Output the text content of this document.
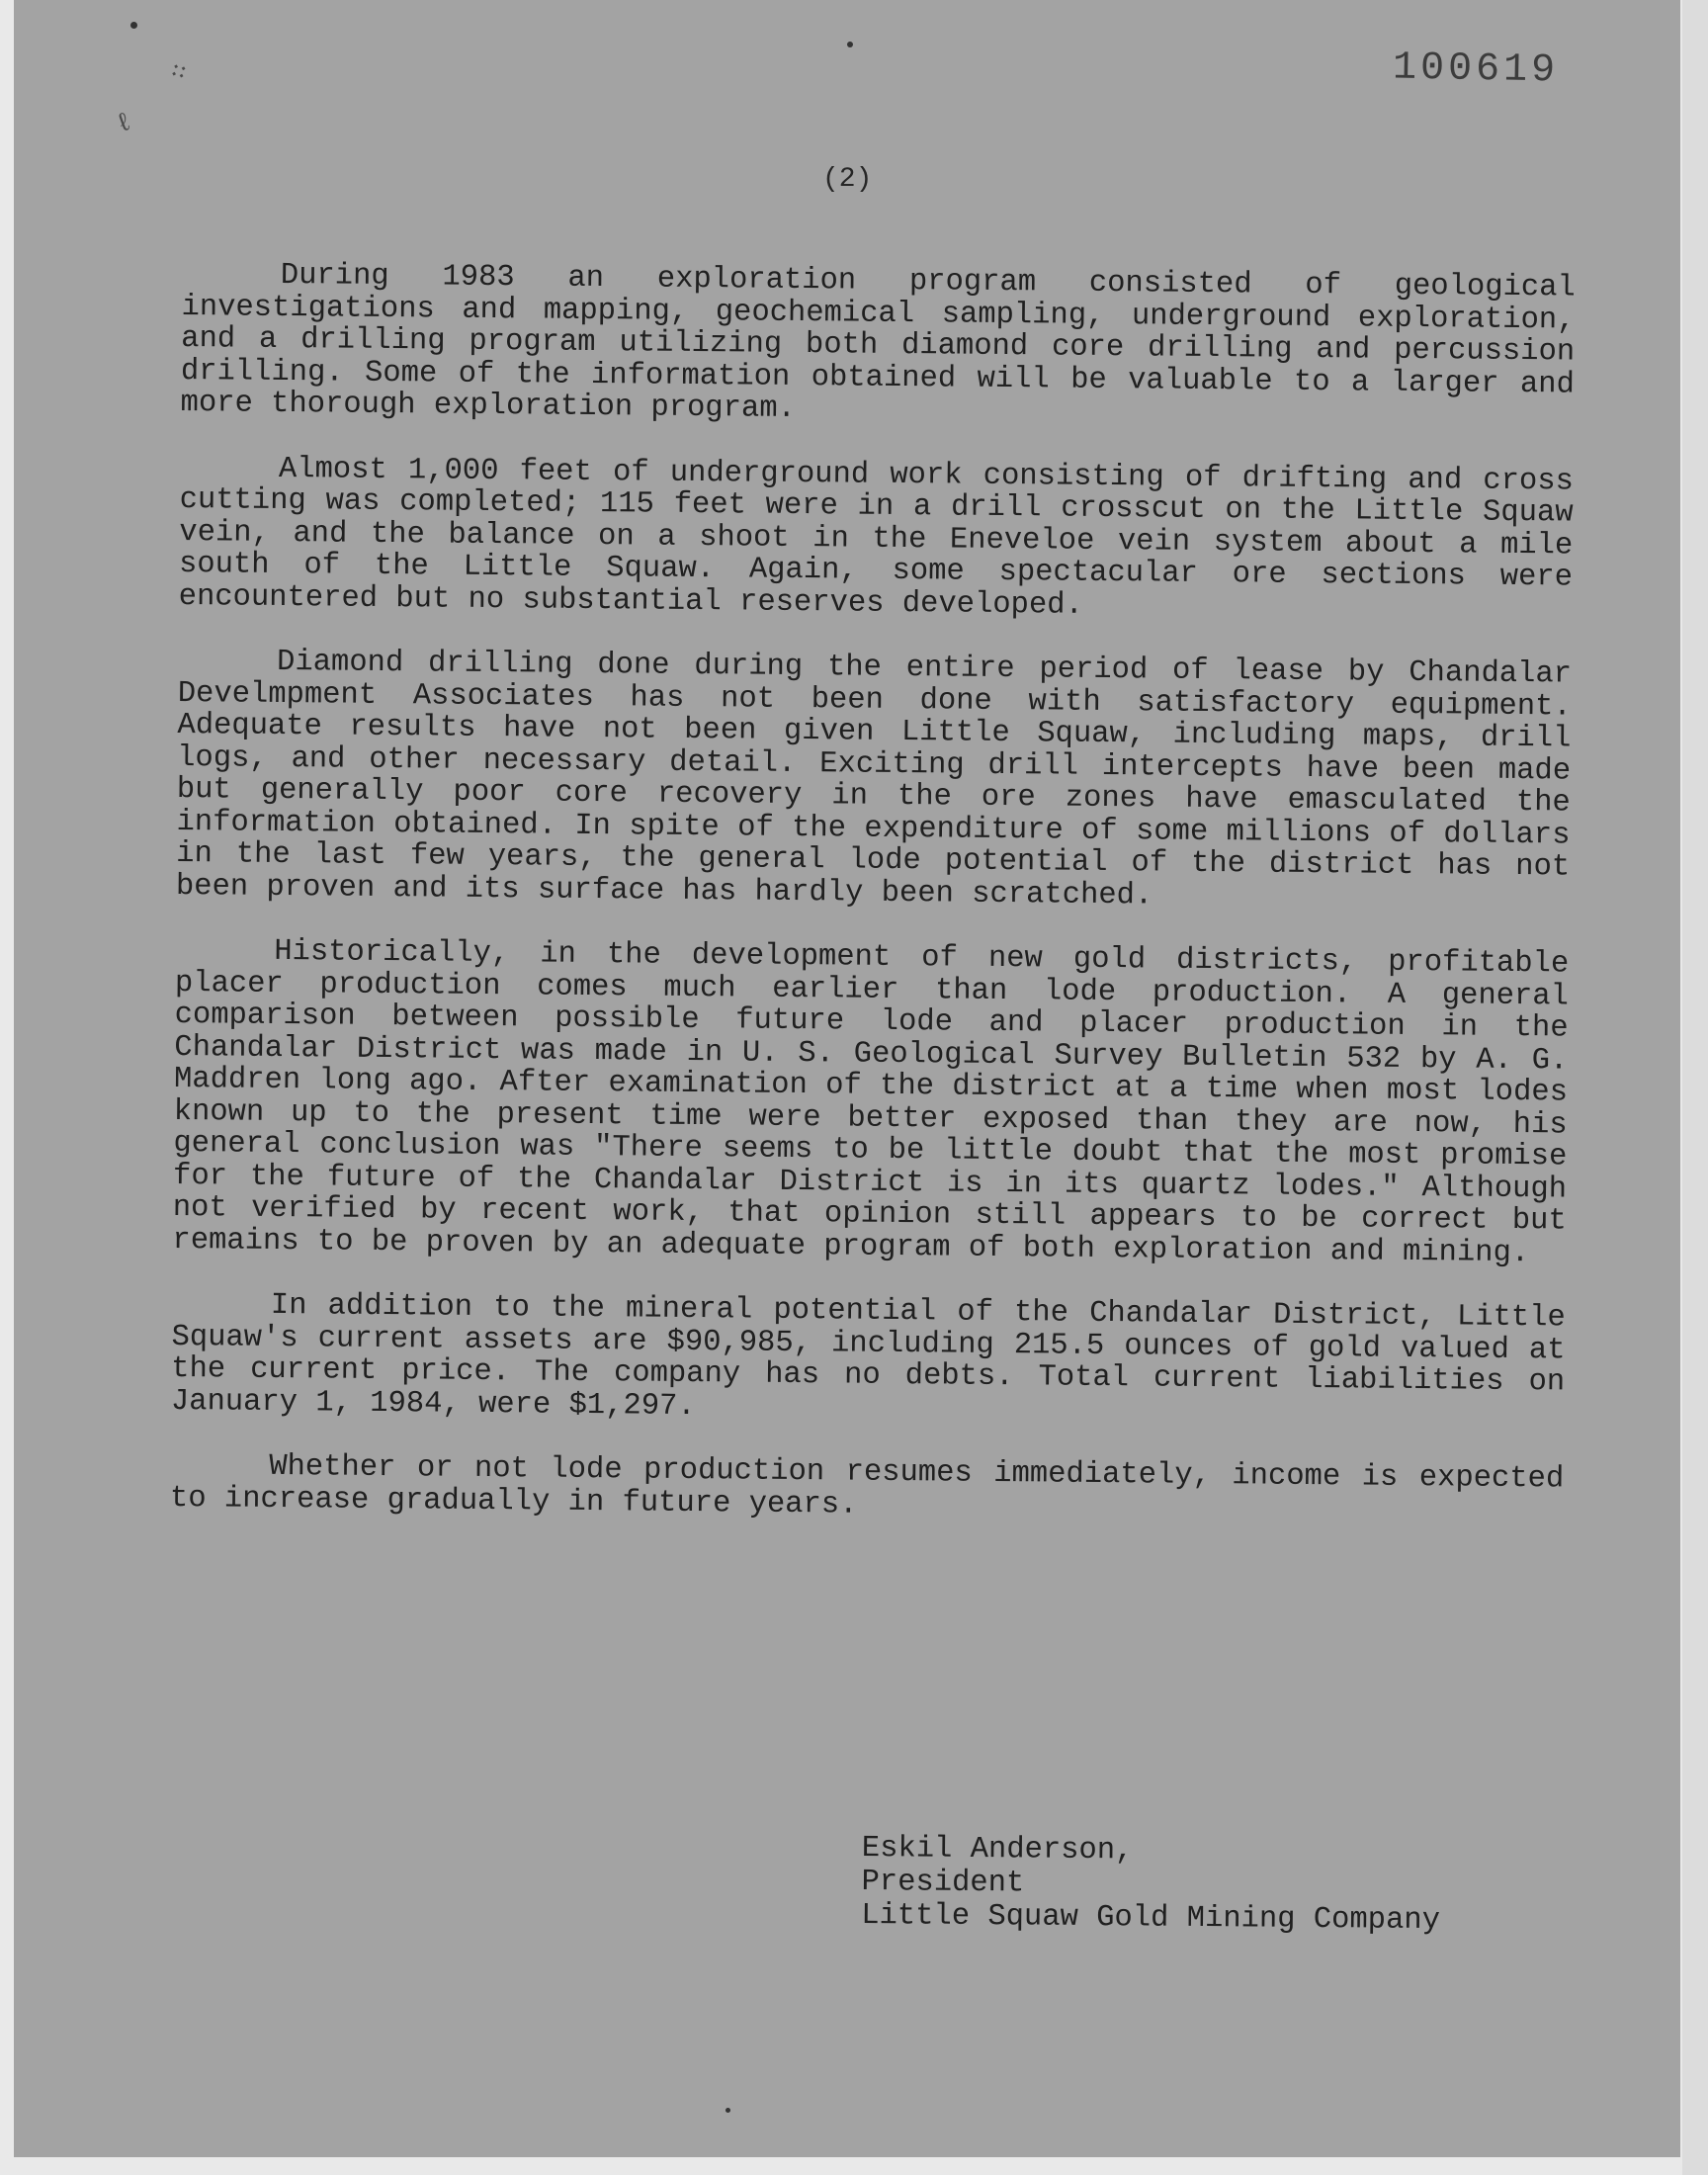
⁘
ℓ
100619
(2)

During 1983 an exploration program consisted of geological investigations and mapping, geochemical sampling, underground exploration, and a drilling program utilizing both diamond core drilling and percussion drilling. Some of the information obtained will be valuable to a larger and more thorough exploration program.

Almost 1,000 feet of underground work consisting of drifting and cross cutting was completed; 115 feet were in a drill crosscut on the Little Squaw vein, and the balance on a shoot in the Eneveloe vein system about a mile south of the Little Squaw. Again, some spectacular ore sections were encountered but no substantial reserves developed.

Diamond drilling done during the entire period of lease by Chandalar Develmpment Associates has not been done with satisfactory equipment. Adequate results have not been given Little Squaw, including maps, drill logs, and other necessary detail. Exciting drill intercepts have been made but generally poor core recovery in the ore zones have emasculated the information obtained. In spite of the expenditure of some millions of dollars in the last few years, the general lode potential of the district has not been proven and its surface has hardly been scratched.

Historically, in the development of new gold districts, profitable placer production comes much earlier than lode production. A general comparison between possible future lode and placer production in the Chandalar District was made in U. S. Geological Survey Bulletin 532 by A. G. Maddren long ago. After examination of the district at a time when most lodes known up to the present time were better exposed than they are now, his general conclusion was "There seems to be little doubt that the most promise for the future of the Chandalar District is in its quartz lodes." Although not verified by recent work, that opinion still appears to be correct but remains to be proven by an adequate program of both exploration and mining.

In addition to the mineral potential of the Chandalar District, Little Squaw's current assets are $90,985, including 215.5 ounces of gold valued at the current price. The company has no debts. Total current liabilities on January 1, 1984, were $1,297.

Whether or not lode production resumes immediately, income is expected to increase gradually in future years.

Eskil Anderson,
President
Little Squaw Gold Mining Company
